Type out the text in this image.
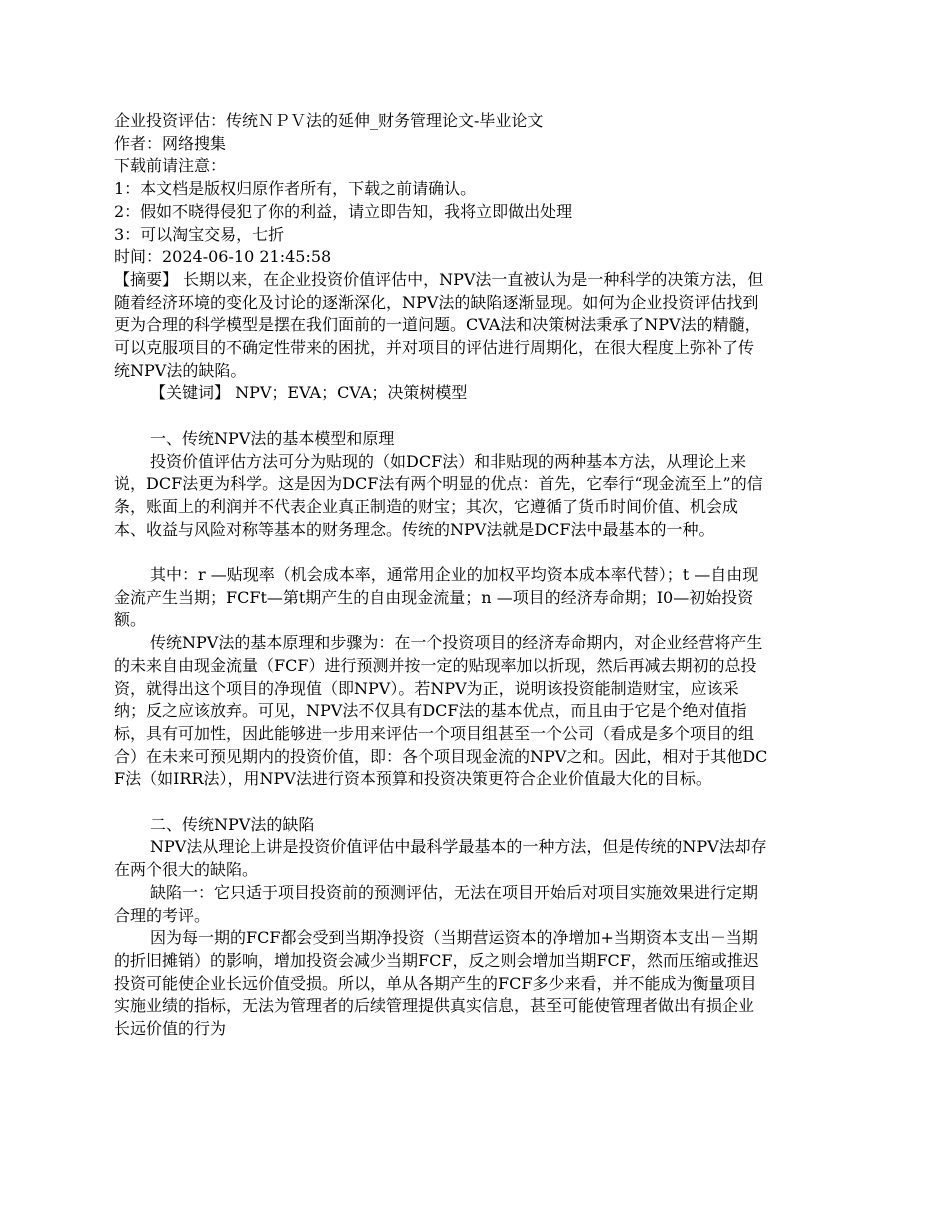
企业投资评估：传统ＮＰＶ法的延伸_财务管理论文-毕业论文
作者：网络搜集
下载前请注意：
1：本文档是版权归原作者所有，下载之前请确认。
2：假如不晓得侵犯了你的利益，请立即告知，我将立即做出处理
3：可以淘宝交易，七折
时间：2024-06-10 21:45:58
【摘要】 长期以来，在企业投资价值评估中，NPV法一直被认为是一种科学的决策方法，但随着经济环境的变化及讨论的逐渐深化，NPV法的缺陷逐渐显现。如何为企业投资评估找到更为合理的科学模型是摆在我们面前的一道问题。CVA法和决策树法秉承了NPV法的精髓，可以克服项目的不确定性带来的困扰，并对项目的评估进行周期化，在很大程度上弥补了传统NPV法的缺陷。
【关键词】 NPV；EVA；CVA；决策树模型
一、传统NPV法的基本模型和原理
投资价值评估方法可分为贴现的（如DCF法）和非贴现的两种基本方法，从理论上来说，DCF法更为科学。这是因为DCF法有两个明显的优点：首先，它奉行“现金流至上”的信条，账面上的利润并不代表企业真正制造的财宝；其次，它遵循了货币时间价值、机会成本、收益与风险对称等基本的财务理念。传统的NPV法就是DCF法中最基本的一种。
其中：r —贴现率（机会成本率，通常用企业的加权平均资本成本率代替）；t —自由现金流产生当期；FCFt—第t期产生的自由现金流量；n —项目的经济寿命期；I0—初始投资额。
传统NPV法的基本原理和步骤为：在一个投资项目的经济寿命期内，对企业经营将产生的未来自由现金流量（FCF）进行预测并按一定的贴现率加以折现，然后再减去期初的总投资，就得出这个项目的净现值（即NPV）。若NPV为正，说明该投资能制造财宝，应该采纳；反之应该放弃。可见，NPV法不仅具有DCF法的基本优点，而且由于它是个绝对值指标，具有可加性，因此能够进一步用来评估一个项目组甚至一个公司（看成是多个项目的组合）在未来可预见期内的投资价值，即：各个项目现金流的NPV之和。因此，相对于其他DCF法（如IRR法），用NPV法进行资本预算和投资决策更符合企业价值最大化的目标。
二、传统NPV法的缺陷
NPV法从理论上讲是投资价值评估中最科学最基本的一种方法，但是传统的NPV法却存在两个很大的缺陷。
缺陷一：它只适于项目投资前的预测评估，无法在项目开始后对项目实施效果进行定期合理的考评。
因为每一期的FCF都会受到当期净投资（当期营运资本的净增加+当期资本支出－当期的折旧摊销）的影响，增加投资会减少当期FCF，反之则会增加当期FCF，然而压缩或推迟投资可能使企业长远价值受损。所以，单从各期产生的FCF多少来看，并不能成为衡量项目实施业绩的指标，无法为管理者的后续管理提供真实信息，甚至可能使管理者做出有损企业长远价值的行为
